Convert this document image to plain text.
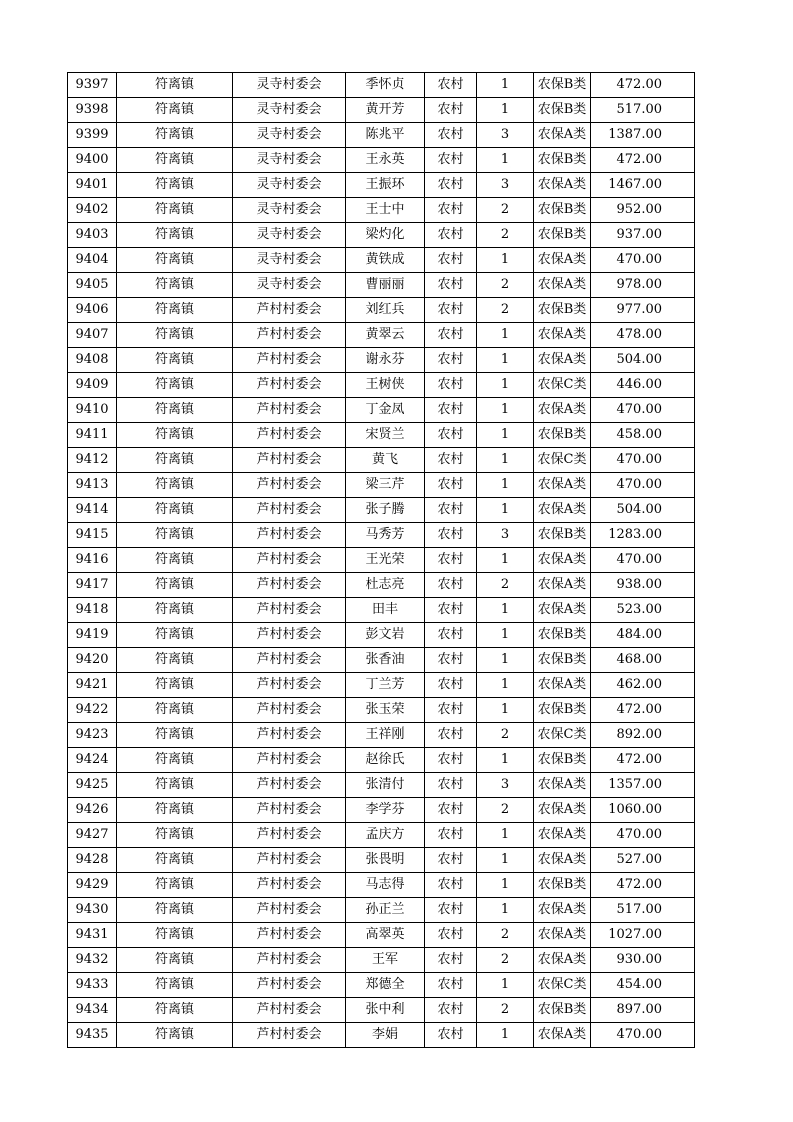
9397	符离镇	灵寺村委会	季怀贞	农村	1	农保B类	472.00
9398	符离镇	灵寺村委会	黄开芳	农村	1	农保B类	517.00
9399	符离镇	灵寺村委会	陈兆平	农村	3	农保A类	1387.00
9400	符离镇	灵寺村委会	王永英	农村	1	农保B类	472.00
9401	符离镇	灵寺村委会	王振环	农村	3	农保A类	1467.00
9402	符离镇	灵寺村委会	王士中	农村	2	农保B类	952.00
9403	符离镇	灵寺村委会	梁灼化	农村	2	农保B类	937.00
9404	符离镇	灵寺村委会	黄铁成	农村	1	农保A类	470.00
9405	符离镇	灵寺村委会	曹丽丽	农村	2	农保A类	978.00
9406	符离镇	芦村村委会	刘红兵	农村	2	农保B类	977.00
9407	符离镇	芦村村委会	黄翠云	农村	1	农保A类	478.00
9408	符离镇	芦村村委会	谢永芬	农村	1	农保A类	504.00
9409	符离镇	芦村村委会	王树侠	农村	1	农保C类	446.00
9410	符离镇	芦村村委会	丁金凤	农村	1	农保A类	470.00
9411	符离镇	芦村村委会	宋贤兰	农村	1	农保B类	458.00
9412	符离镇	芦村村委会	黄飞	农村	1	农保C类	470.00
9413	符离镇	芦村村委会	梁三芹	农村	1	农保A类	470.00
9414	符离镇	芦村村委会	张子腾	农村	1	农保A类	504.00
9415	符离镇	芦村村委会	马秀芳	农村	3	农保B类	1283.00
9416	符离镇	芦村村委会	王光荣	农村	1	农保A类	470.00
9417	符离镇	芦村村委会	杜志亮	农村	2	农保A类	938.00
9418	符离镇	芦村村委会	田丰	农村	1	农保A类	523.00
9419	符离镇	芦村村委会	彭文岩	农村	1	农保B类	484.00
9420	符离镇	芦村村委会	张香油	农村	1	农保B类	468.00
9421	符离镇	芦村村委会	丁兰芳	农村	1	农保A类	462.00
9422	符离镇	芦村村委会	张玉荣	农村	1	农保B类	472.00
9423	符离镇	芦村村委会	王祥刚	农村	2	农保C类	892.00
9424	符离镇	芦村村委会	赵徐氏	农村	1	农保B类	472.00
9425	符离镇	芦村村委会	张清付	农村	3	农保A类	1357.00
9426	符离镇	芦村村委会	李学芬	农村	2	农保A类	1060.00
9427	符离镇	芦村村委会	孟庆方	农村	1	农保A类	470.00
9428	符离镇	芦村村委会	张畏明	农村	1	农保A类	527.00
9429	符离镇	芦村村委会	马志得	农村	1	农保B类	472.00
9430	符离镇	芦村村委会	孙正兰	农村	1	农保A类	517.00
9431	符离镇	芦村村委会	高翠英	农村	2	农保A类	1027.00
9432	符离镇	芦村村委会	王军	农村	2	农保A类	930.00
9433	符离镇	芦村村委会	郑德全	农村	1	农保C类	454.00
9434	符离镇	芦村村委会	张中利	农村	2	农保B类	897.00
9435	符离镇	芦村村委会	李娟	农村	1	农保A类	470.00
